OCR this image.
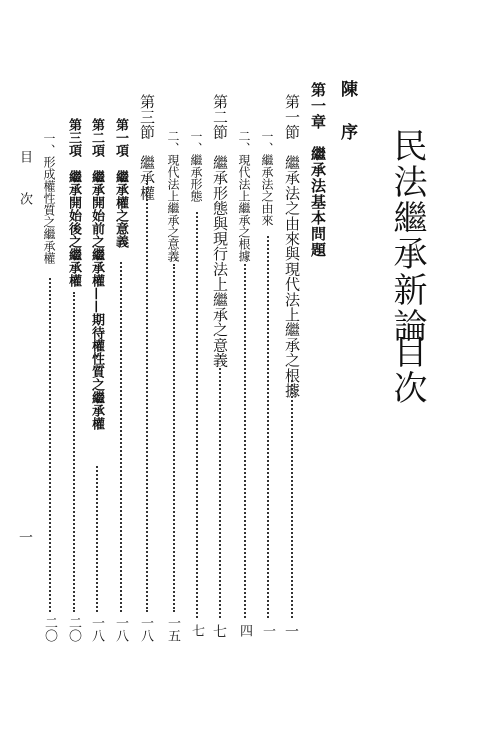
民法繼承新論
目次
陳 序
第一章　繼承法基本問題
第一節　繼承法之由來與現代法上繼承之根據
一
一、繼承法之由來
一
二、現代法上繼承之根據
四
第二節　繼承形態與現行法上繼承之意義
七
一、繼承形態
七
二、現代法上繼承之意義
一五
第三節　繼承權
一八
第一項　繼承權之意義
一八
第二項　繼承開始前之繼承權——期待權性質之繼承權
一八
第三項　繼承開始後之繼承權
二〇
一、形成權性質之繼承權
二〇
目　次
一
